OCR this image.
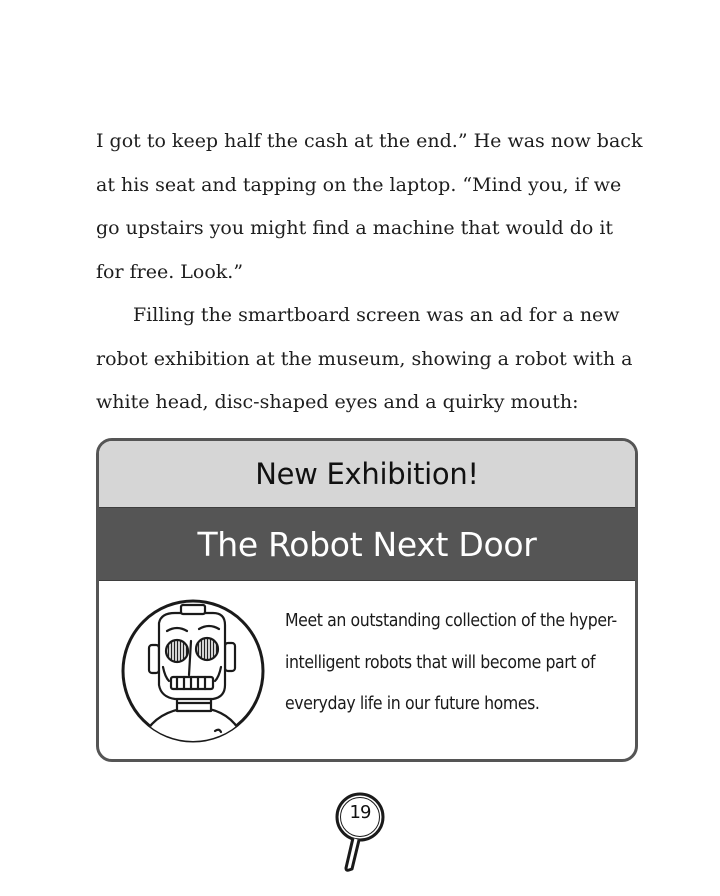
I got to keep half the cash at the end.” He was now back at his seat and tapping on the laptop. “Mind you, if we go upstairs you might find a machine that would do it for free. Look.”

Filling the smartboard screen was an ad for a new robot exhibition at the museum, showing a robot with a white head, disc-shaped eyes and a quirky mouth:

New Exhibition!
The Robot Next Door
Meet an outstanding collection of the hyper-intelligent robots that will become part of everyday life in our future homes.
19
